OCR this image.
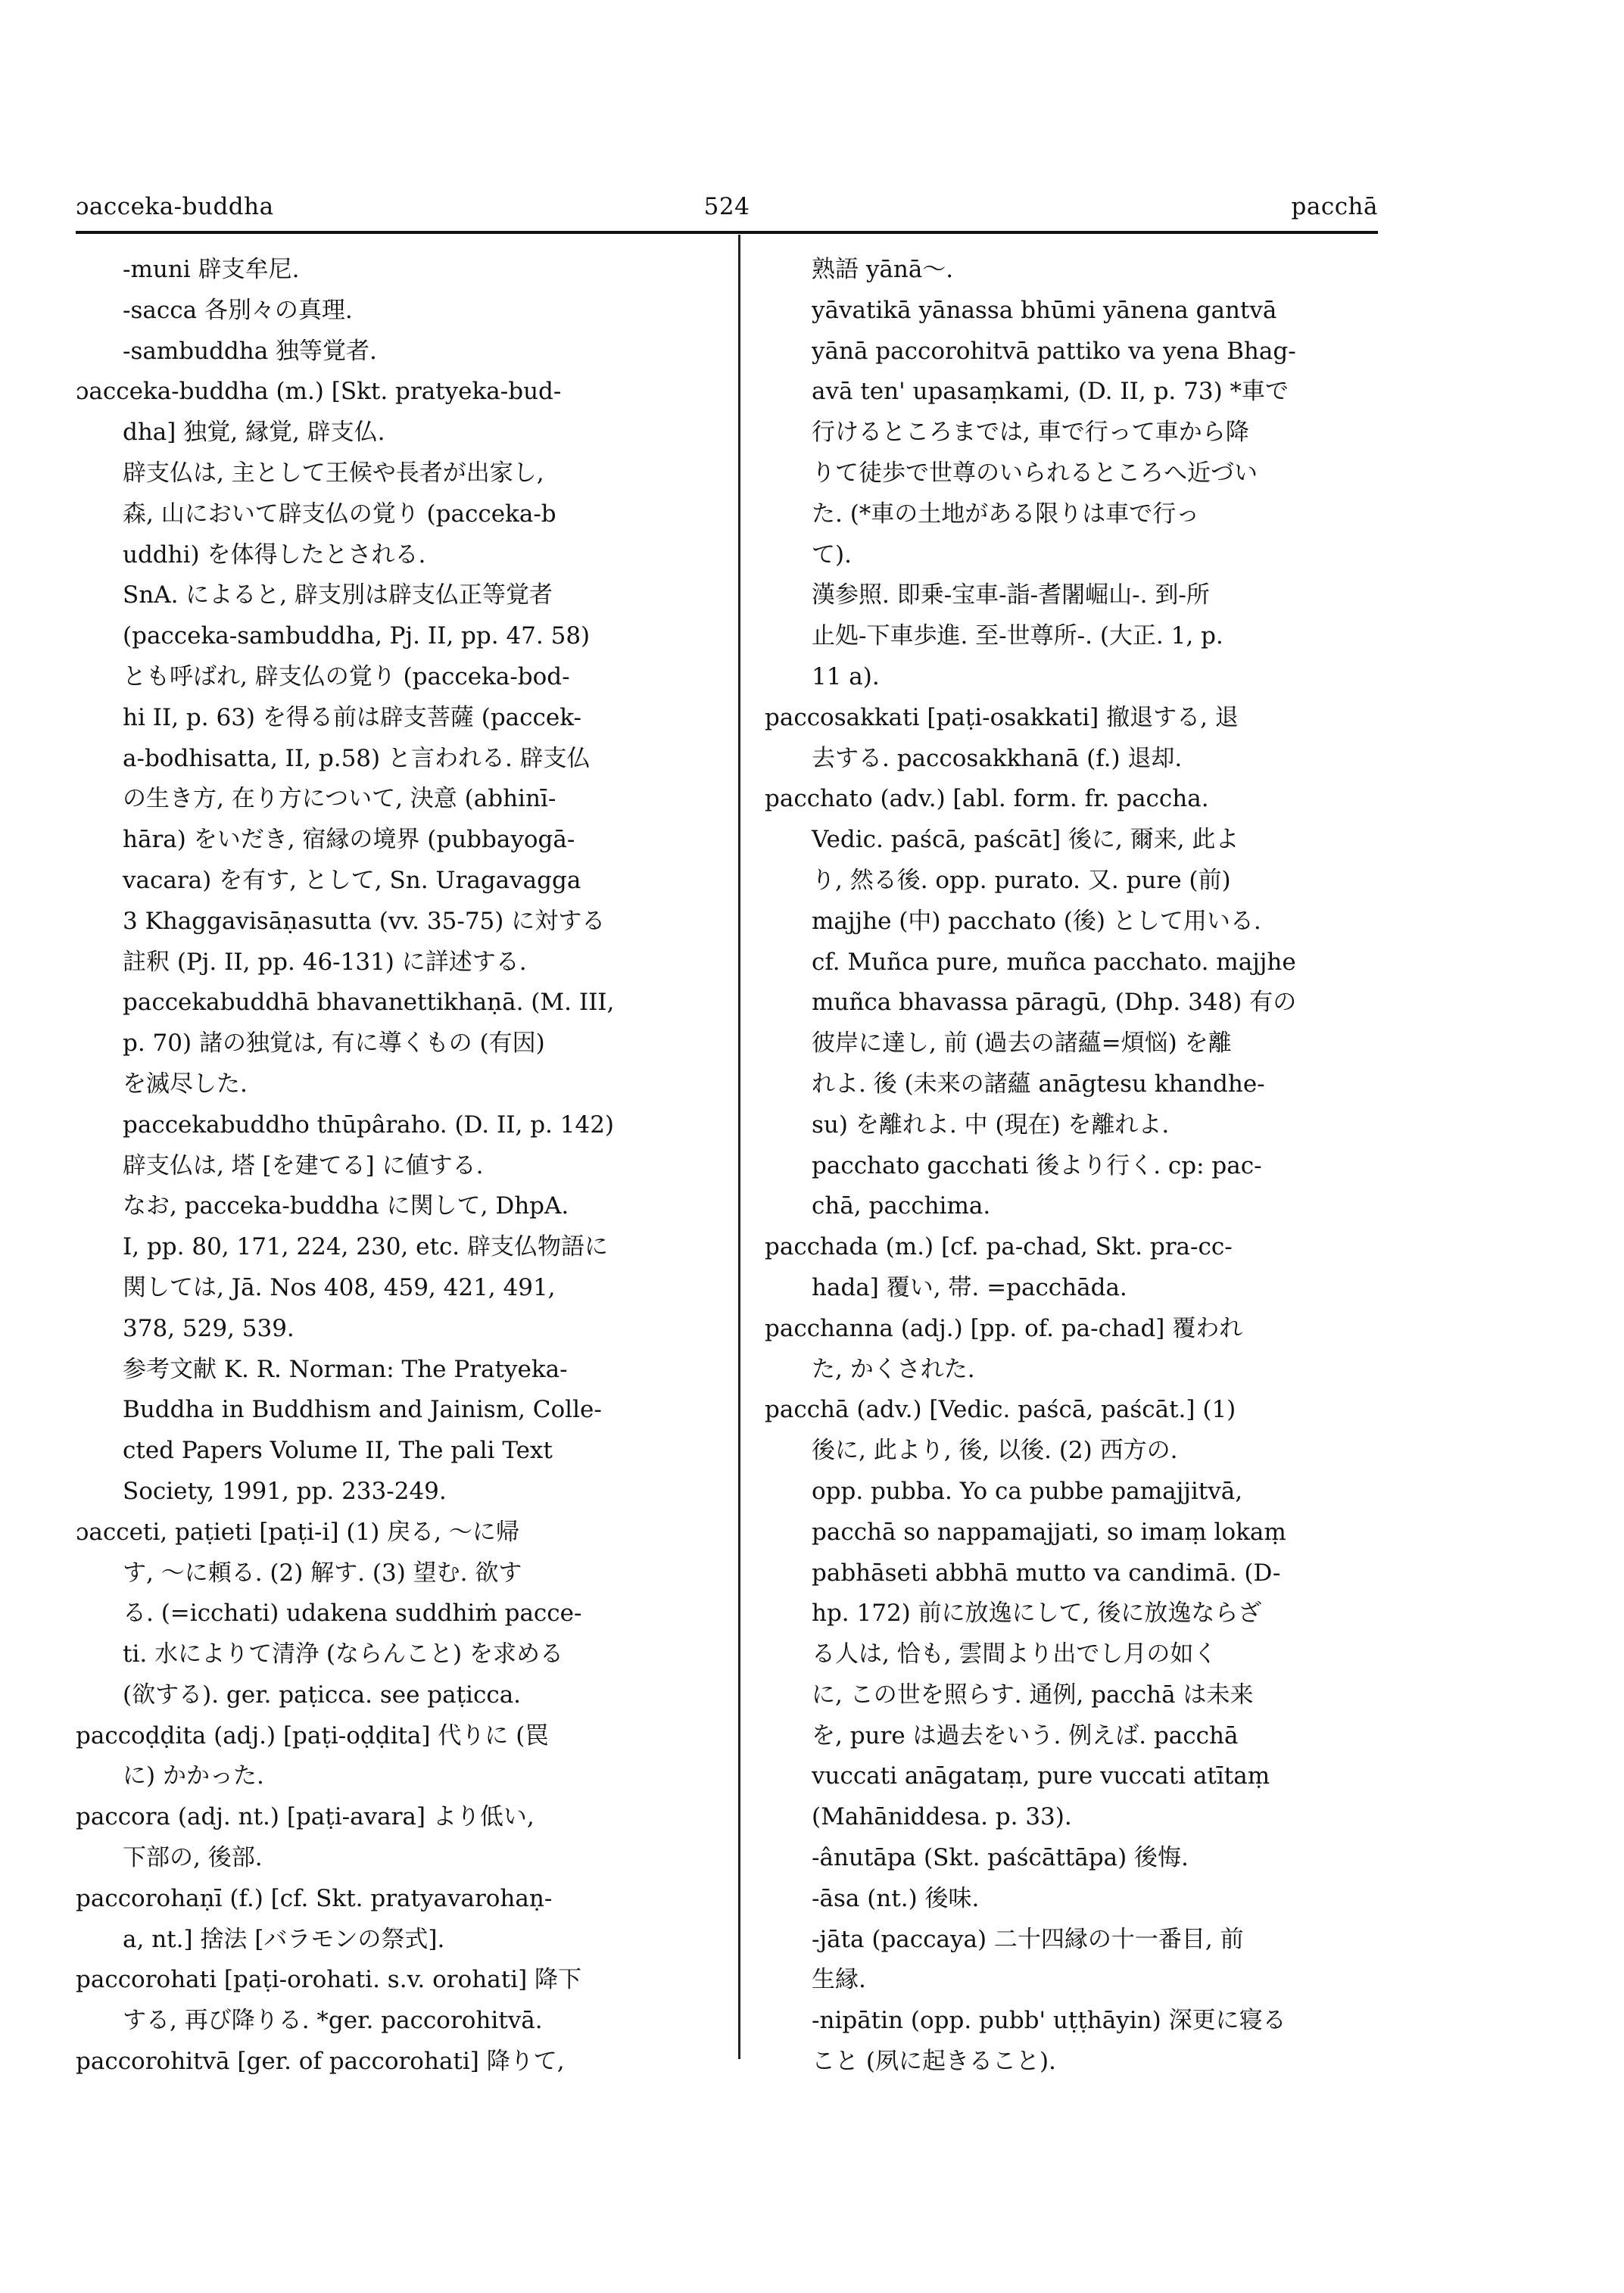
ɔacceka-buddha	524	pacchā
-muni 辟支牟尼.
-sacca 各別々の真理.
-sambuddha 独等覚者.
ɔacceka-buddha (m.) [Skt. pratyeka-bud-
dha] 独覚, 縁覚, 辟支仏.
辟支仏は, 主として王候や長者が出家し,
森, 山において辟支仏の覚り (pacceka-b
uddhi) を体得したとされる.
SnA. によると, 辟支別は辟支仏正等覚者
(pacceka-sambuddha, Pj. II, pp. 47. 58)
とも呼ばれ, 辟支仏の覚り (pacceka-bod-
hi II, p. 63) を得る前は辟支菩薩 (paccek-
a-bodhisatta, II, p.58) と言われる. 辟支仏
の生き方, 在り方について, 決意 (abhinī-
hāra) をいだき, 宿縁の境界 (pubbayogā-
vacara) を有す, として, Sn. Uragavagga
3 Khaggavisāṇasutta (vv. 35-75) に対する
註釈 (Pj. II, pp. 46-131) に詳述する.
paccekabuddhā bhavanettikhaṇā. (M. III,
p. 70) 諸の独覚は, 有に導くもの (有因)
を滅尽した.
paccekabuddho thūpâraho. (D. II, p. 142)
辟支仏は, 塔 [を建てる] に値する.
なお, pacceka-buddha に関して, DhpA.
I, pp. 80, 171, 224, 230, etc. 辟支仏物語に
関しては, Jā. Nos 408, 459, 421, 491,
378, 529, 539.
参考文献 K. R. Norman: The Pratyeka-
Buddha in Buddhism and Jainism, Colle-
cted Papers Volume II, The pali Text
Society, 1991, pp. 233-249.
ɔacceti, paṭieti [paṭi-i] (1) 戻る, ～に帰
す, ～に頼る. (2) 解す. (3) 望む. 欲す
る. (=icchati) udakena suddhiṁ pacce-
ti. 水によりて清浄 (ならんこと) を求める
(欲する). ger. paṭicca. see paṭicca.
paccoḍḍita (adj.) [paṭi-oḍḍita] 代りに (罠
に) かかった.
paccora (adj. nt.) [paṭi-avara] より低い,
下部の, 後部.
paccorohaṇī (f.) [cf. Skt. pratyavarohaṇ-
a, nt.] 捨法 [バラモンの祭式].
paccorohati [paṭi-orohati. s.v. orohati] 降下
する, 再び降りる. *ger. paccorohitvā.
paccorohitvā [ger. of paccorohati] 降りて,
熟語 yānā～.
yāvatikā yānassa bhūmi yānena gantvā
yānā paccorohitvā pattiko va yena Bhag-
avā ten' upasaṃkami, (D. II, p. 73) *車で
行けるところまでは, 車で行って車から降
りて徒歩で世尊のいられるところへ近づい
た. (*車の土地がある限りは車で行っ
て).
漢参照. 即乗-宝車-詣-耆闍崛山-. 到-所
止処-下車歩進. 至-世尊所-. (大正. 1, p.
11 a).
paccosakkati [paṭi-osakkati] 撤退する, 退
去する. paccosakkhanā (f.) 退却.
pacchato (adv.) [abl. form. fr. paccha.
Vedic. paścā, paścāt] 後に, 爾来, 此よ
り, 然る後. opp. purato. 又. pure (前)
majjhe (中) pacchato (後) として用いる.
cf. Muñca pure, muñca pacchato. majjhe
muñca bhavassa pāragū, (Dhp. 348) 有の
彼岸に達し, 前 (過去の諸蘊=煩悩) を離
れよ. 後 (未来の諸蘊 anāgtesu khandhe-
su) を離れよ. 中 (現在) を離れよ.
pacchato gacchati 後より行く. cp: pac-
chā, pacchima.
pacchada (m.) [cf. pa-chad, Skt. pra-cc-
hada] 覆い, 帯. =pacchāda.
pacchanna (adj.) [pp. of. pa-chad] 覆われ
た, かくされた.
pacchā (adv.) [Vedic. paścā, paścāt.] (1)
後に, 此より, 後, 以後. (2) 西方の.
opp. pubba. Yo ca pubbe pamajjitvā,
pacchā so nappamajjati, so imaṃ lokaṃ
pabhāseti abbhā mutto va candimā. (D-
hp. 172) 前に放逸にして, 後に放逸ならざ
る人は, 恰も, 雲間より出でし月の如く
に, この世を照らす. 通例, pacchā は未来
を, pure は過去をいう. 例えば. pacchā
vuccati anāgataṃ, pure vuccati atītaṃ
(Mahāniddesa. p. 33).
-ânutāpa (Skt. paścāttāpa) 後悔.
-āsa (nt.) 後味.
-jāta (paccaya) 二十四縁の十一番目, 前
生縁.
-nipātin (opp. pubb' uṭṭhāyin) 深更に寝る
こと (夙に起きること).
